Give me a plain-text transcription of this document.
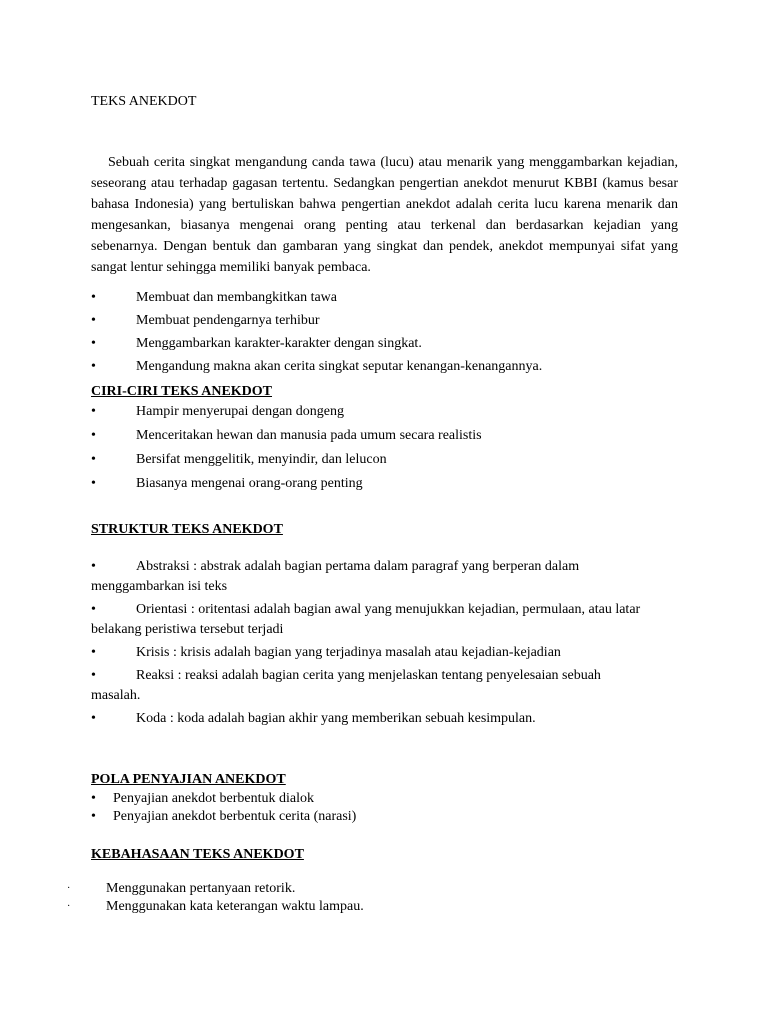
TEKS ANEKDOT

Sebuah cerita singkat mengandung canda tawa (lucu) atau menarik yang menggambarkan kejadian, seseorang atau terhadap gagasan tertentu. Sedangkan pengertian anekdot menurut KBBI (kamus besar bahasa Indonesia) yang bertuliskan bahwa pengertian anekdot adalah cerita lucu karena menarik dan mengesankan, biasanya mengenai orang penting atau terkenal dan berdasarkan kejadian yang sebenarnya. Dengan bentuk dan gambaran yang singkat dan pendek, anekdot mempunyai sifat yang sangat lentur sehingga memiliki banyak pembaca.

•	Membuat dan membangkitkan tawa
•	Membuat pendengarnya terhibur
•	Menggambarkan karakter-karakter dengan singkat.
•	Mengandung makna akan cerita singkat seputar kenangan-kenangannya.
CIRI-CIRI TEKS ANEKDOT
•	Hampir menyerupai dengan dongeng
•	Menceritakan hewan dan manusia pada umum secara realistis
•	Bersifat menggelitik, menyindir, dan lelucon
•	Biasanya mengenai orang-orang penting
STRUKTUR TEKS ANEKDOT
•	Abstraksi : abstrak adalah bagian pertama dalam paragraf yang berperan dalam menggambarkan isi teks
•	Orientasi : oritentasi adalah bagian awal yang menujukkan kejadian, permulaan, atau latar belakang peristiwa tersebut terjadi
•	Krisis : krisis adalah bagian yang terjadinya masalah atau kejadian-kejadian
•	Reaksi : reaksi adalah bagian cerita yang menjelaskan tentang penyelesaian sebuah masalah.
•	Koda : koda adalah bagian akhir yang memberikan sebuah kesimpulan.
POLA PENYAJIAN ANEKDOT
• Penyajian anekdot berbentuk dialok
• Penyajian anekdot berbentuk cerita (narasi)
KEBAHASAAN TEKS ANEKDOT
·	Menggunakan pertanyaan retorik.
·	Menggunakan kata keterangan waktu lampau.
